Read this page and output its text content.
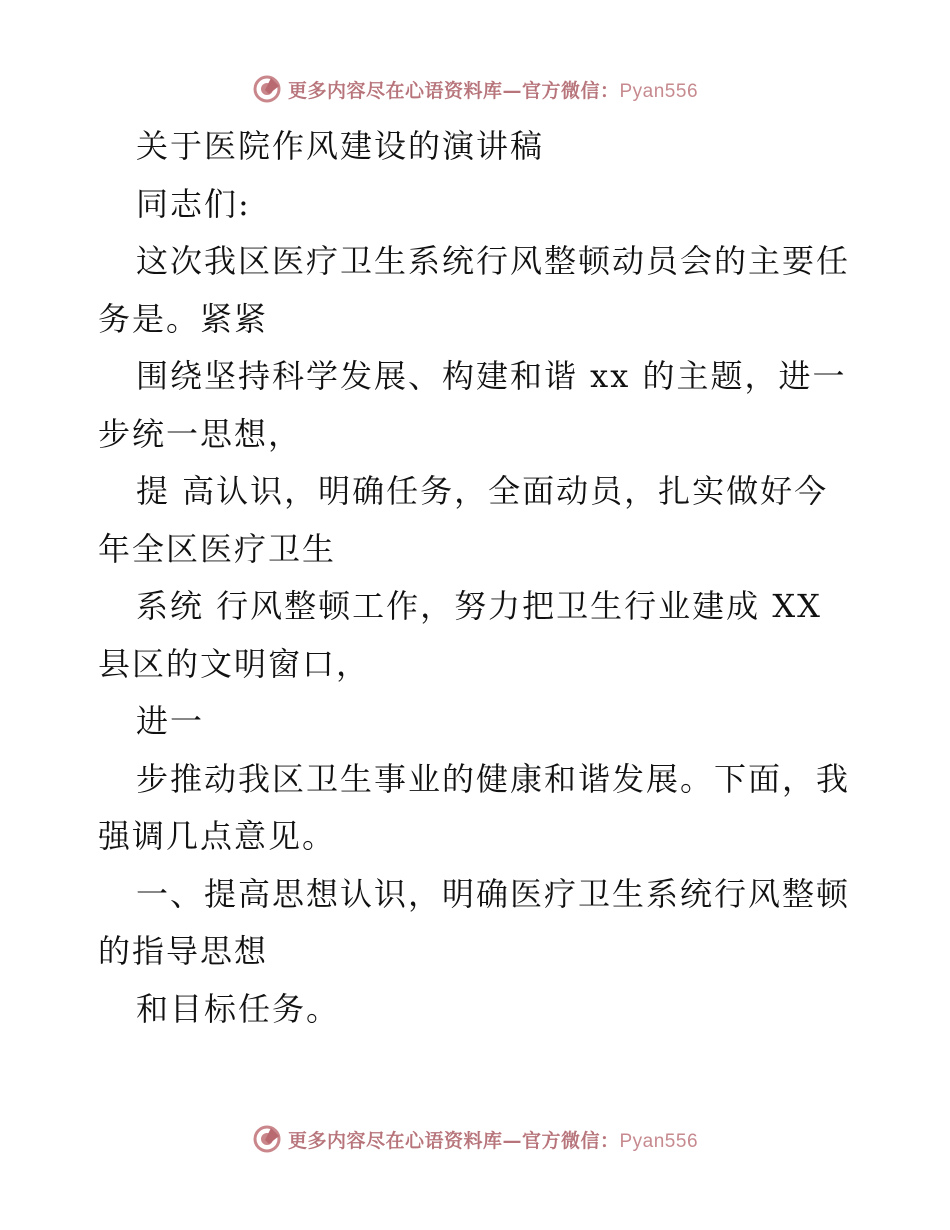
更多内容尽在心语资料库—官方微信：Pyan556
关于医院作风建设的演讲稿
同志们:
这次我区医疗卫生系统行风整顿动员会的主要任
务是。紧紧
围绕坚持科学发展、构建和谐 xx 的主题，进一
步统一思想，
提 高认识，明确任务，全面动员，扎实做好今
年全区医疗卫生
系统 行风整顿工作，努力把卫生行业建成 XX
县区的文明窗口，
进一
步推动我区卫生事业的健康和谐发展。下面，我
强调几点意见。
一、提高思想认识，明确医疗卫生系统行风整顿
的指导思想
和目标任务。
更多内容尽在心语资料库—官方微信：Pyan556
